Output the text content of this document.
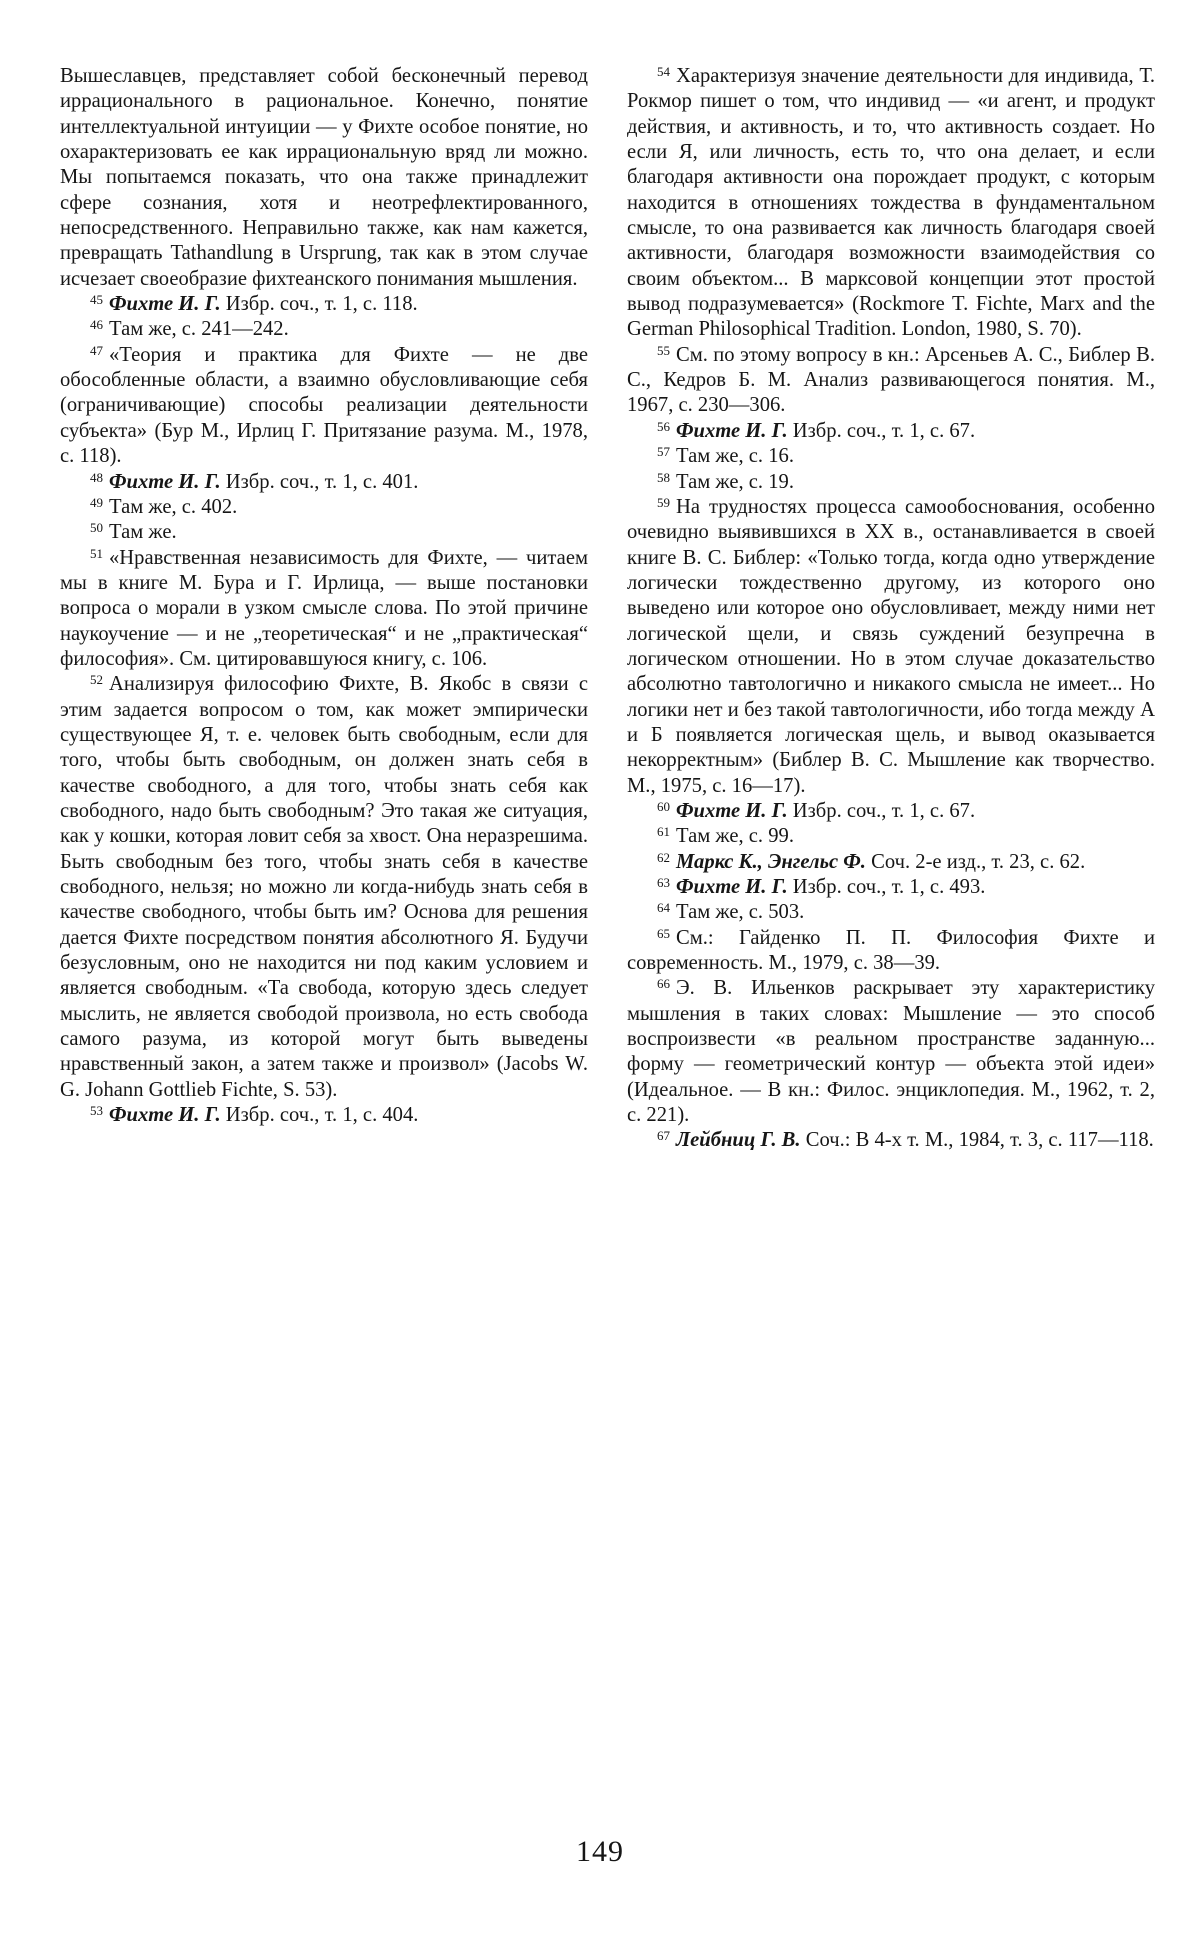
Вышеславцев, представляет собой бесконечный перевод иррационального в рациональное. Конечно, понятие интеллектуальной интуиции — у Фихте особое понятие, но охарактеризовать ее как иррациональную вряд ли можно. Мы попытаемся показать, что она также принадлежит сфере сознания, хотя и неотрефлектированного, непосредственного. Неправильно также, как нам кажется, превращать Tathandlung в Ursprung, так как в этом случае исчезает своеобразие фихтеанского понимания мышления.

$^{45}$ Фихте И. Г. Избр. соч., т. 1, с. 118.

$^{46}$ Там же, с. 241—242.

$^{47}$ «Теория и практика для Фихте — не две обособленные области, а взаимно обусловливающие себя (ограничивающие) способы реализации деятельности субъекта» (Бур М., Ирлиц Г. Притязание разума. М., 1978, с. 118).

$^{48}$ Фихте И. Г. Избр. соч., т. 1, с. 401.

$^{49}$ Там же, с. 402.

$^{50}$ Там же.

$^{51}$ «Нравственная независимость для Фихте, — читаем мы в книге М. Бура и Г. Ирлица, — выше постановки вопроса о морали в узком смысле слова. По этой причине наукоучение — и не „теоретическая“ и не „практическая“ философия». См. цитировавшуюся книгу, с. 106.

$^{52}$ Анализируя философию Фихте, В. Якобс в связи с этим задается вопросом о том, как может эмпирически существующее Я, т. е. человек быть свободным, если для того, чтобы быть свободным, он должен знать себя в качестве свободного, а для того, чтобы знать себя как свободного, надо быть свободным? Это такая же ситуация, как у кошки, которая ловит себя за хвост. Она неразрешима. Быть свободным без того, чтобы знать себя в качестве свободного, нельзя; но можно ли когда-нибудь знать себя в качестве свободного, чтобы быть им? Основа для решения дается Фихте посредством понятия абсолютного Я. Будучи безусловным, оно не находится ни под каким условием и является свободным. «Та свобода, которую здесь следует мыслить, не является свободой произвола, но есть свобода самого разума, из которой могут быть выведены нравственный закон, а затем также и произвол» (Jacobs W. G. Johann Gottlieb Fichte, S. 53).

$^{53}$ Фихте И. Г. Избр. соч., т. 1, с. 404.

$^{54}$ Характеризуя значение деятельности для индивида, Т. Рокмор пишет о том, что индивид — «и агент, и продукт действия, и активность, и то, что активность создает. Но если Я, или личность, есть то, что она делает, и если благодаря активности она порождает продукт, с которым находится в отношениях тождества в фундаментальном смысле, то она развивается как личность благодаря своей активности, благодаря возможности взаимодействия со своим объектом... В марксовой концепции этот простой вывод подразумевается» (Rockmore T. Fichte, Marx and the German Philosophical Tradition. London, 1980, S. 70).

$^{55}$ См. по этому вопросу в кн.: Арсеньев А. С., Библер В. С., Кедров Б. М. Анализ развивающегося понятия. М., 1967, с. 230—306.

$^{56}$ Фихте И. Г. Избр. соч., т. 1, с. 67.

$^{57}$ Там же, с. 16.

$^{58}$ Там же, с. 19.

$^{59}$ На трудностях процесса самообоснования, особенно очевидно выявившихся в XX в., останавливается в своей книге В. С. Библер: «Только тогда, когда одно утверждение логически тождественно другому, из которого оно выведено или которое оно обусловливает, между ними нет логической щели, и связь суждений безупречна в логическом отношении. Но в этом случае доказательство абсолютно тавтологично и никакого смысла не имеет... Но логики нет и без такой тавтологичности, ибо тогда между А и Б появляется логическая щель, и вывод оказывается некорректным» (Библер В. С. Мышление как творчество. М., 1975, с. 16—17).

$^{60}$ Фихте И. Г. Избр. соч., т. 1, с. 67.

$^{61}$ Там же, с. 99.

$^{62}$ Маркс К., Энгельс Ф. Соч. 2-е изд., т. 23, с. 62.

$^{63}$ Фихте И. Г. Избр. соч., т. 1, с. 493.

$^{64}$ Там же, с. 503.

$^{65}$ См.: Гайденко П. П. Философия Фихте и современность. М., 1979, с. 38—39.

$^{66}$ Э. В. Ильенков раскрывает эту характеристику мышления в таких словах: Мышление — это способ воспроизвести «в реальном пространстве заданную... форму — геометрический контур — объекта этой идеи» (Идеальное. — В кн.: Филос. энциклопедия. М., 1962, т. 2, с. 221).

$^{67}$ Лейбниц Г. В. Соч.: В 4-х т. М., 1984, т. 3, с. 117—118.

149
